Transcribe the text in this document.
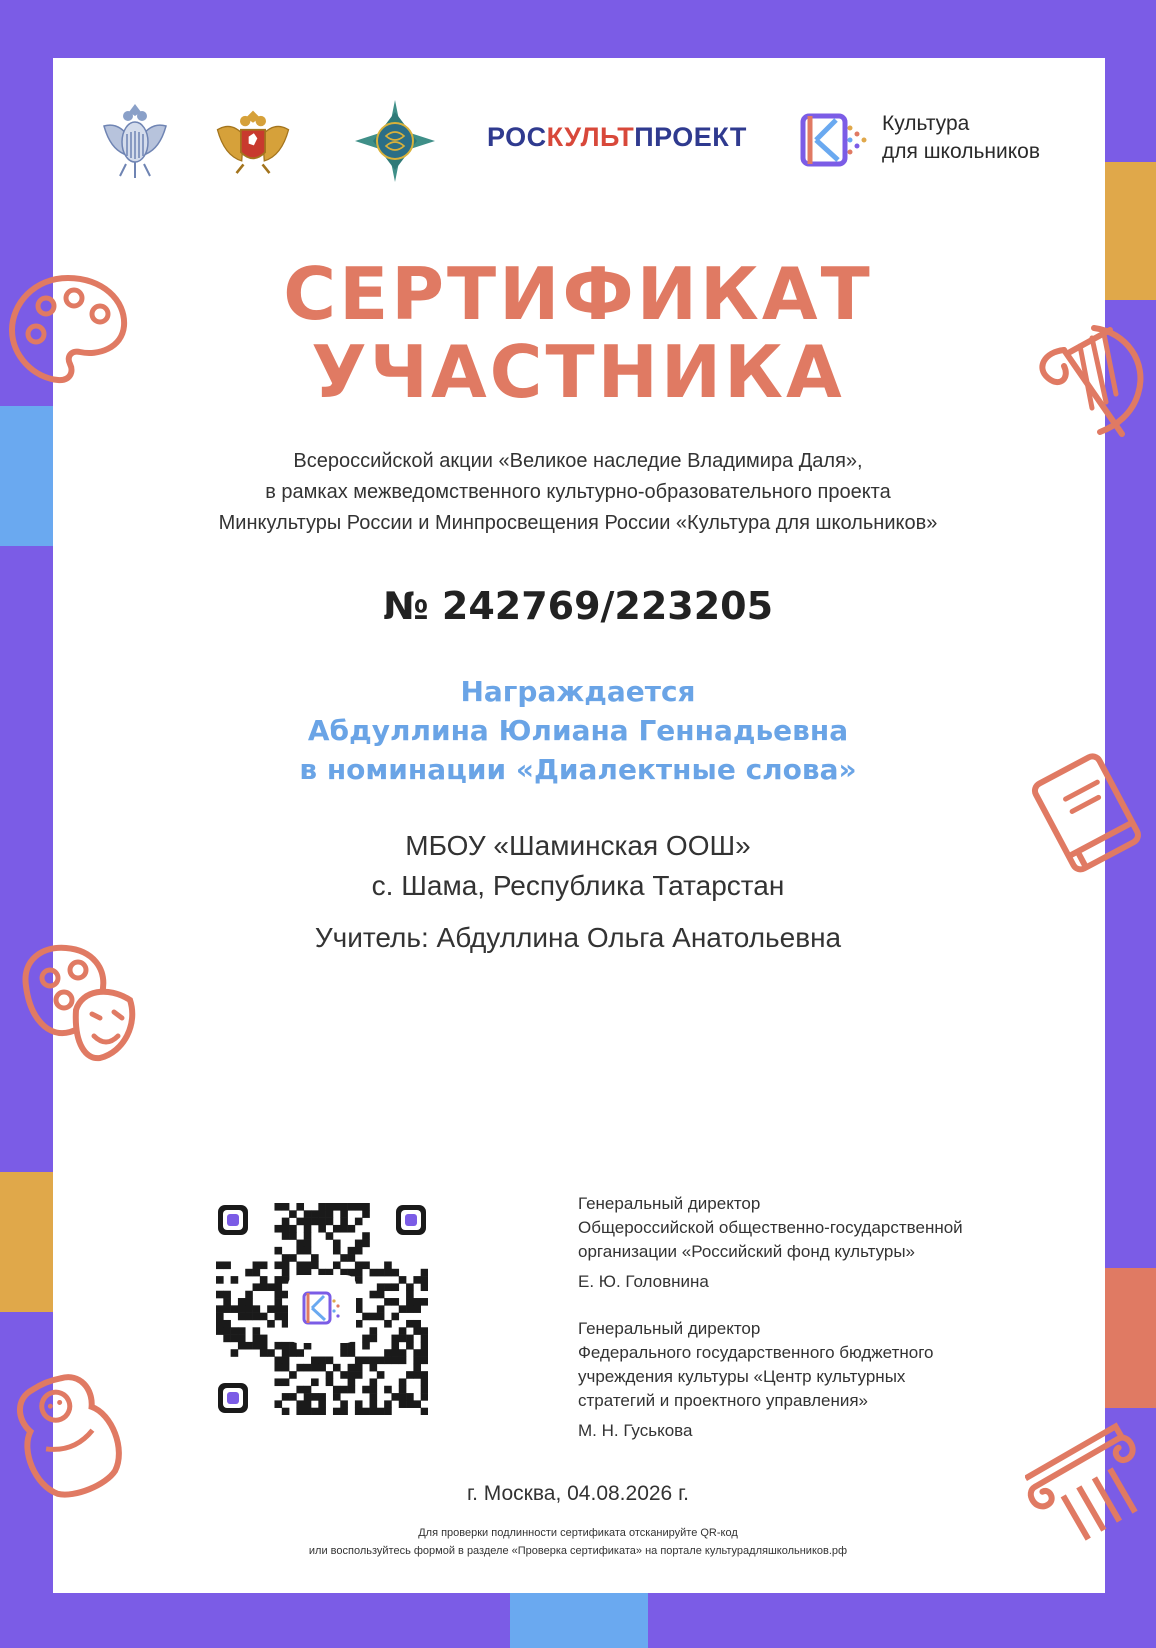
РОСКУЛЬТПРОЕКТ	Культура
для школьников
СЕРТИФИКАТ
УЧАСТНИКА
Всероссийской акции «Великое наследие Владимира Даля»,
в рамках межведомственного культурно-образовательного проекта
Минкультуры России и Минпросвещения России «Культура для школьников»
№ 242769/223205
Награждается
Абдуллина Юлиана Геннадьевна
в номинации «Диалектные слова»
МБОУ «Шаминская ООШ»
с. Шама, Республика Татарстан
Учитель: Абдуллина Ольга Анатольевна
Генеральный директор
Общероссийской общественно-государственной
организации «Российский фонд культуры»
Е. Ю. Головнина
Генеральный директор
Федерального государственного бюджетного
учреждения культуры «Центр культурных
стратегий и проектного управления»
М. Н. Гуськова
г. Москва, 04.08.2026 г.
Для проверки подлинности сертификата отсканируйте QR-код
или воспользуйтесь формой в разделе «Проверка сертификата» на портале культурадляшкольников.рф
